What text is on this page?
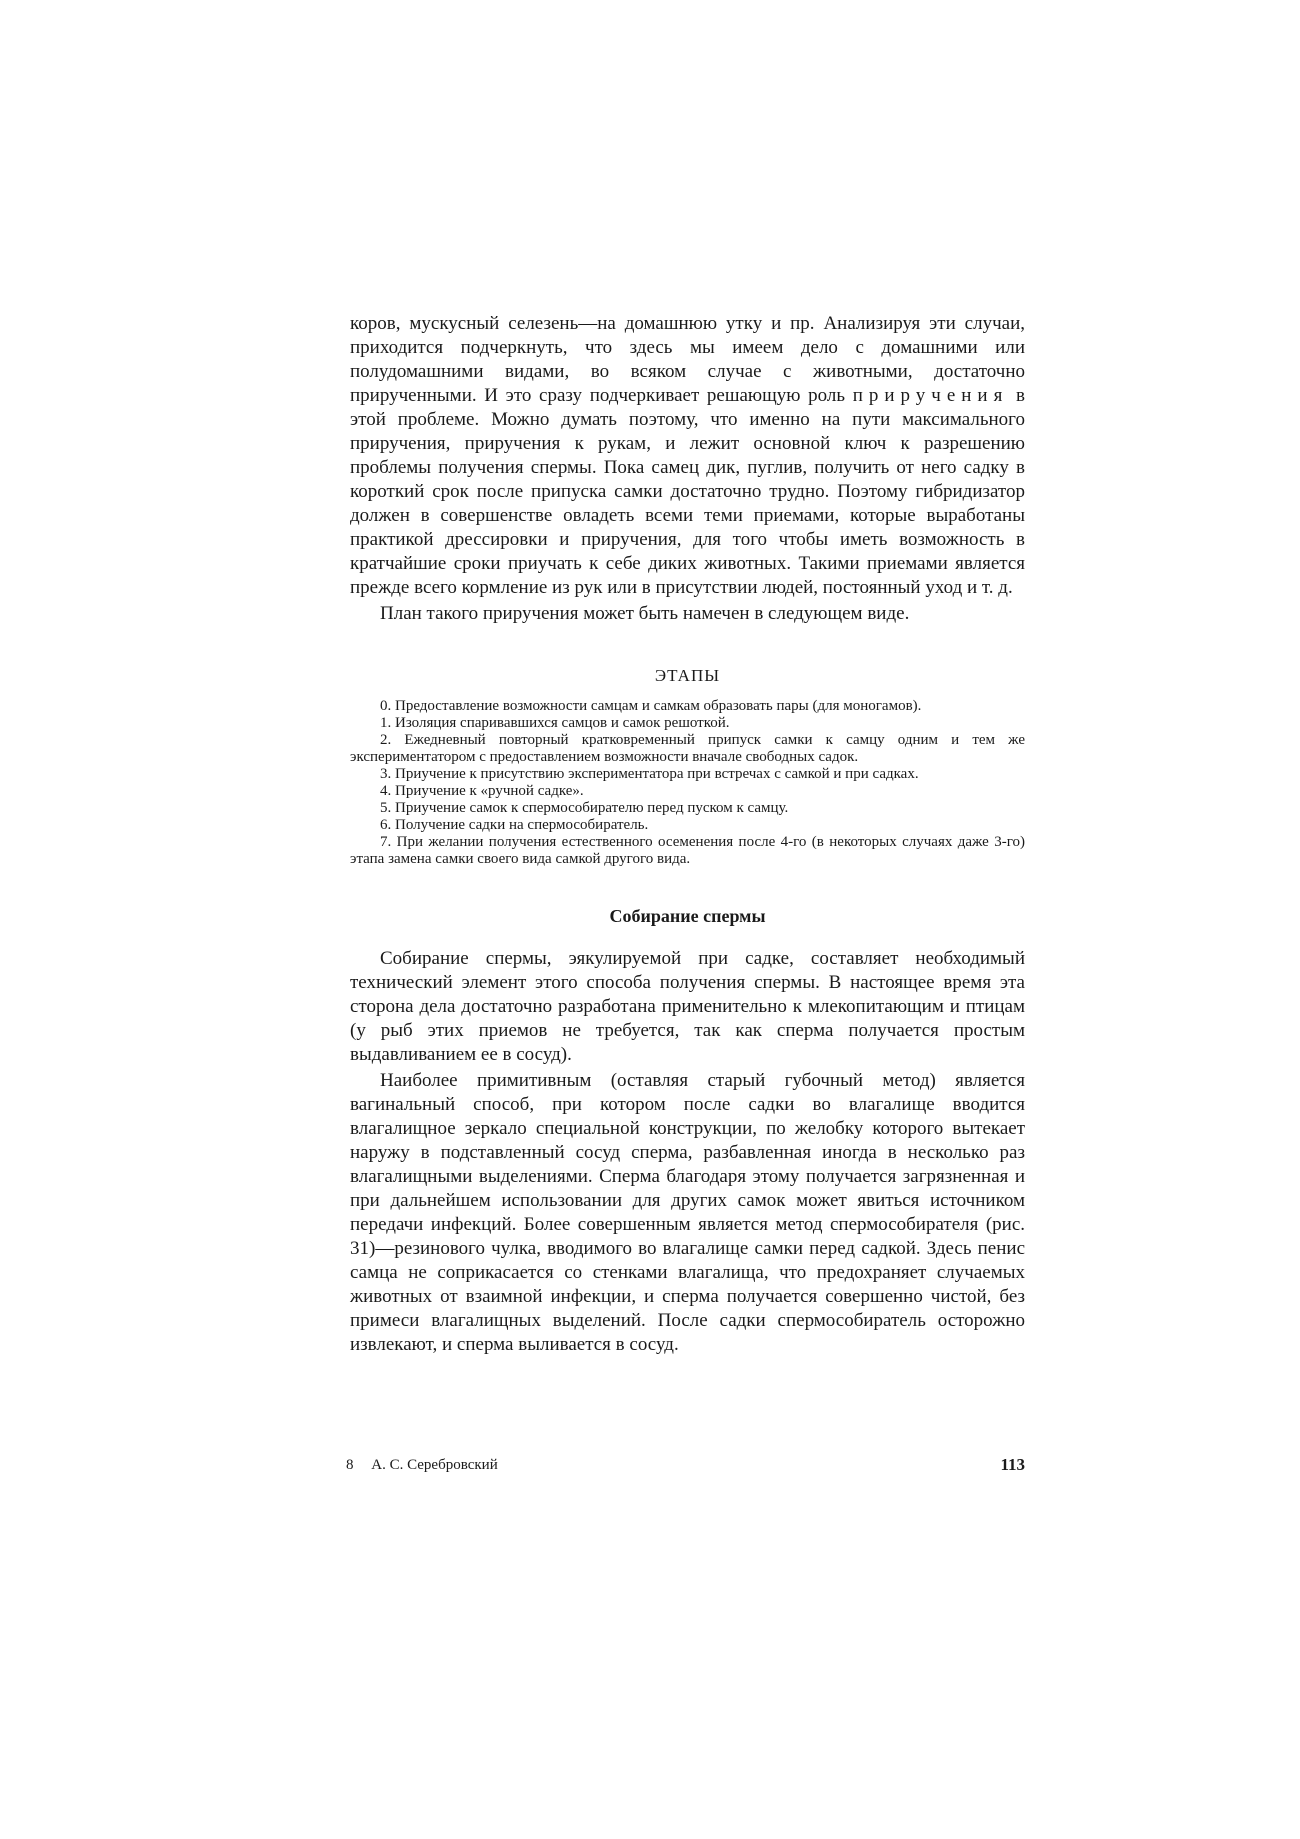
коров, мускусный селезень—на домашнюю утку и пр. Анализируя эти случаи, приходится подчеркнуть, что здесь мы имеем дело с домашними или полудомашними видами, во всяком случае с животными, достаточно прирученными. И это сразу подчеркивает решающую роль приручения в этой проблеме. Можно думать поэтому, что именно на пути максимального приручения, приручения к рукам, и лежит основной ключ к разрешению проблемы получения спермы. Пока самец дик, пуглив, получить от него садку в короткий срок после припуска самки достаточно трудно. Поэтому гибридизатор должен в совершенстве овладеть всеми теми приемами, которые выработаны практикой дрессировки и приручения, для того чтобы иметь возможность в кратчайшие сроки приучать к себе диких животных. Такими приемами является прежде всего кормление из рук или в присутствии людей, постоянный уход и т. д.

План такого приручения может быть намечен в следующем виде.

ЭТАПЫ

0. Предоставление возможности самцам и самкам образовать пары (для моногамов).

1. Изоляция спаривавшихся самцов и самок решоткой.

2. Ежедневный повторный кратковременный припуск самки к самцу одним и тем же экспериментатором с предоставлением возможности вначале свободных садок.

3. Приучение к присутствию экспериментатора при встречах с самкой и при садках.

4. Приучение к «ручной садке».

5. Приучение самок к спермособирателю перед пуском к самцу.

6. Получение садки на спермособиратель.

7. При желании получения естественного осеменения после 4-го (в некоторых случаях даже 3-го) этапа замена самки своего вида самкой другого вида.

Собирание спермы

Собирание спермы, эякулируемой при садке, составляет необходимый технический элемент этого способа получения спермы. В настоящее время эта сторона дела достаточно разработана применительно к млекопитающим и птицам (у рыб этих приемов не требуется, так как сперма получается простым выдавливанием ее в сосуд).

Наиболее примитивным (оставляя старый губочный метод) является вагинальный способ, при котором после садки во влагалище вводится влагалищное зеркало специальной конструкции, по желобку которого вытекает наружу в подставленный сосуд сперма, разбавленная иногда в несколько раз влагалищными выделениями. Сперма благодаря этому получается загрязненная и при дальнейшем использовании для других самок может явиться источником передачи инфекций. Более совершенным является метод спермособирателя (рис. 31)—резинового чулка, вводимого во влагалище самки перед садкой. Здесь пенис самца не соприкасается со стенками влагалища, что предохраняет случаемых животных от взаимной инфекции, и сперма получается совершенно чистой, без примеси влагалищных выделений. После садки спермособиратель осторожно извлекают, и сперма выливается в сосуд.

8 А. С. Серебровский	113
